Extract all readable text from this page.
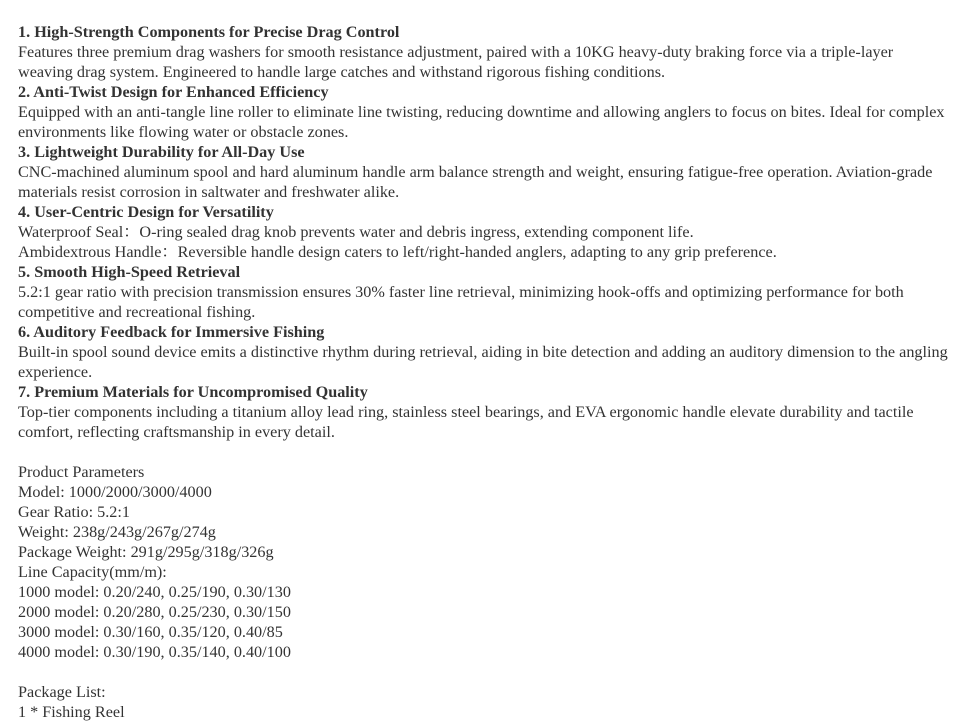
1. High-Strength Components for Precise Drag Control

Features three premium drag washers for smooth resistance adjustment, paired with a 10KG heavy-duty braking force via a triple-layer weaving drag system. Engineered to handle large catches and withstand rigorous fishing conditions.

2. Anti-Twist Design for Enhanced Efficiency

Equipped with an anti-tangle line roller to eliminate line twisting, reducing downtime and allowing anglers to focus on bites. Ideal for complex environments like flowing water or obstacle zones.

3. Lightweight Durability for All-Day Use

CNC-machined aluminum spool and hard aluminum handle arm balance strength and weight, ensuring fatigue-free operation. Aviation-grade materials resist corrosion in saltwater and freshwater alike.

4. User-Centric Design for Versatility

Waterproof Seal：O-ring sealed drag knob prevents water and debris ingress, extending component life.

Ambidextrous Handle：Reversible handle design caters to left/right-handed anglers, adapting to any grip preference.

5. Smooth High-Speed Retrieval

5.2:1 gear ratio with precision transmission ensures 30% faster line retrieval, minimizing hook-offs and optimizing performance for both competitive and recreational fishing.

6. Auditory Feedback for Immersive Fishing

Built-in spool sound device emits a distinctive rhythm during retrieval, aiding in bite detection and adding an auditory dimension to the angling experience.

7. Premium Materials for Uncompromised Quality

Top-tier components including a titanium alloy lead ring, stainless steel bearings, and EVA ergonomic handle elevate durability and tactile comfort, reflecting craftsmanship in every detail.

Product Parameters

Model: 1000/2000/3000/4000

Gear Ratio: 5.2:1

Weight: 238g/243g/267g/274g

Package Weight: 291g/295g/318g/326g

Line Capacity(mm/m):

1000 model: 0.20/240, 0.25/190, 0.30/130

2000 model: 0.20/280, 0.25/230, 0.30/150

3000 model: 0.30/160, 0.35/120, 0.40/85

4000 model: 0.30/190, 0.35/140, 0.40/100

Package List:

1 * Fishing Reel
